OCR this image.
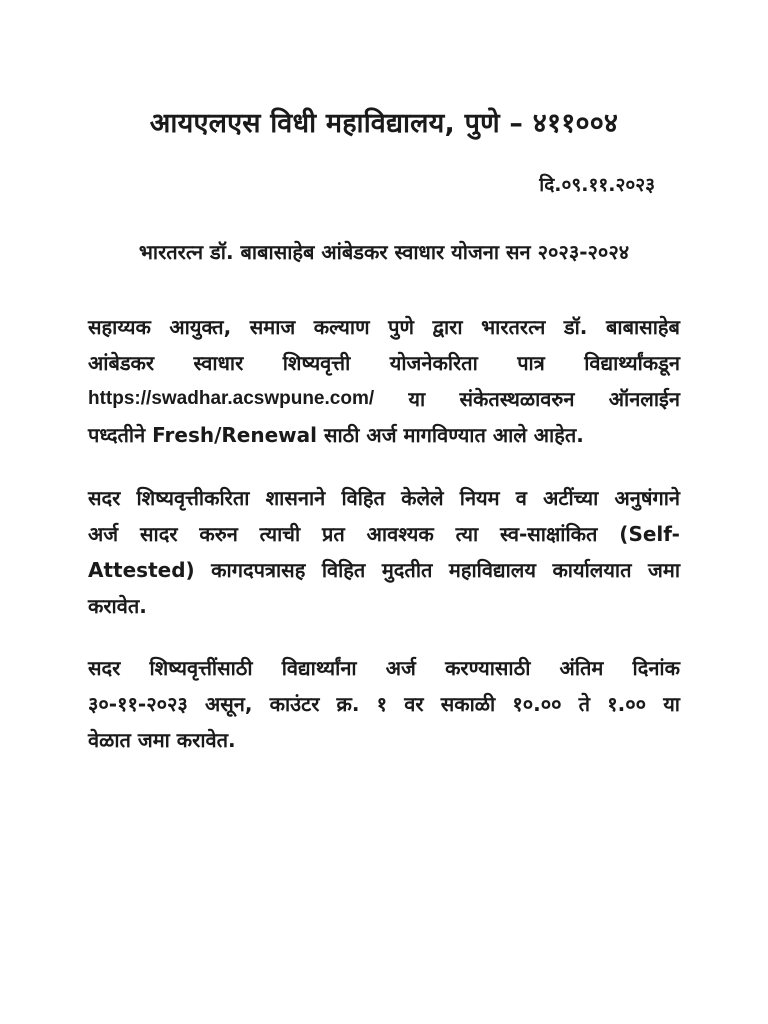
आयएलएस विधी महाविद्यालय, पुणे – ४११००४
दि.०९.११.२०२३
भारतरत्न डॉ. बाबासाहेब आंबेडकर स्वाधार योजना सन २०२३-२०२४
सहाय्यक आयुक्त, समाज कल्याण पुणे द्वारा भारतरत्न डॉ. बाबासाहेब
आंबेडकर स्वाधार शिष्यवृत्ती योजनेकरिता पात्र विद्यार्थ्यांकडून
https://swadhar.acswpune.com/ या संकेतस्थळावरुन ऑनलाईन
पध्दतीने Fresh/Renewal साठी अर्ज मागविण्यात आले आहेत.
सदर शिष्यवृत्तीकरिता शासनाने विहित केलेले नियम व अटींच्या अनुषंगाने
अर्ज सादर करुन त्याची प्रत आवश्यक त्या स्व-साक्षांकित (Self-
Attested) कागदपत्रासह विहित मुदतीत महाविद्यालय कार्यालयात जमा
करावेत.
सदर शिष्यवृत्तींसाठी विद्यार्थ्यांना अर्ज करण्यासाठी अंतिम दिनांक
३०-११-२०२३ असून, काउंटर क्र. १ वर सकाळी १०.०० ते १.०० या
वेळात जमा करावेत.
